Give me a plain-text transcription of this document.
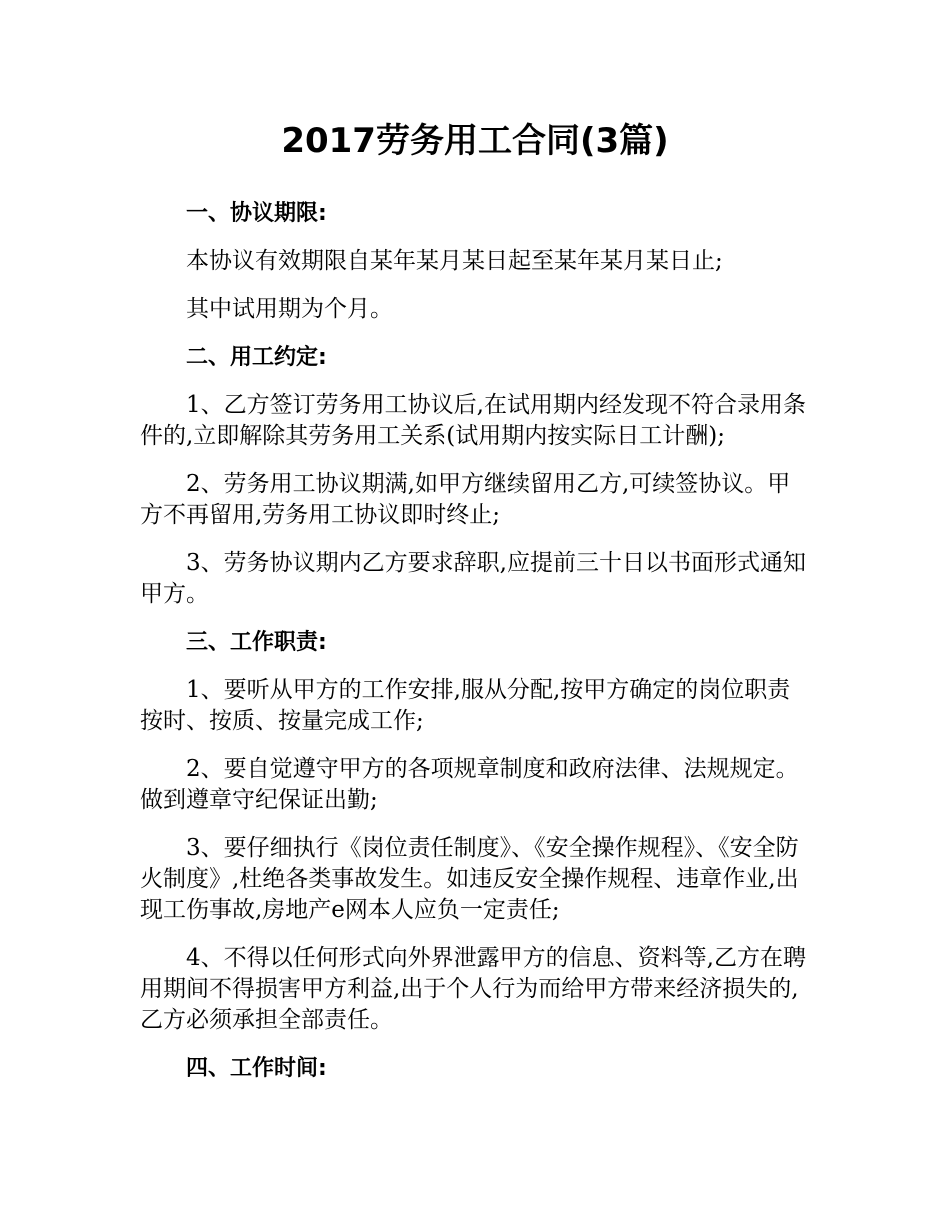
2017劳务用工合同(3篇)
一、协议期限:
本协议有效期限自某年某月某日起至某年某月某日止;
其中试用期为个月。
二、用工约定:
1、乙方签订劳务用工协议后,在试用期内经发现不符合录用条件的,立即解除其劳务用工关系(试用期内按实际日工计酬);
2、劳务用工协议期满,如甲方继续留用乙方,可续签协议。甲方不再留用,劳务用工协议即时终止;
3、劳务协议期内乙方要求辞职,应提前三十日以书面形式通知甲方。
三、工作职责:
1、要听从甲方的工作安排,服从分配,按甲方确定的岗位职责按时、按质、按量完成工作;
2、要自觉遵守甲方的各项规章制度和政府法律、法规规定。做到遵章守纪保证出勤;
3、要仔细执行《岗位责任制度》、《安全操作规程》、《安全防火制度》,杜绝各类事故发生。如违反安全操作规程、违章作业,出现工伤事故,房地产e网本人应负一定责任;
4、不得以任何形式向外界泄露甲方的信息、资料等,乙方在聘用期间不得损害甲方利益,出于个人行为而给甲方带来经济损失的,乙方必须承担全部责任。
四、工作时间:
